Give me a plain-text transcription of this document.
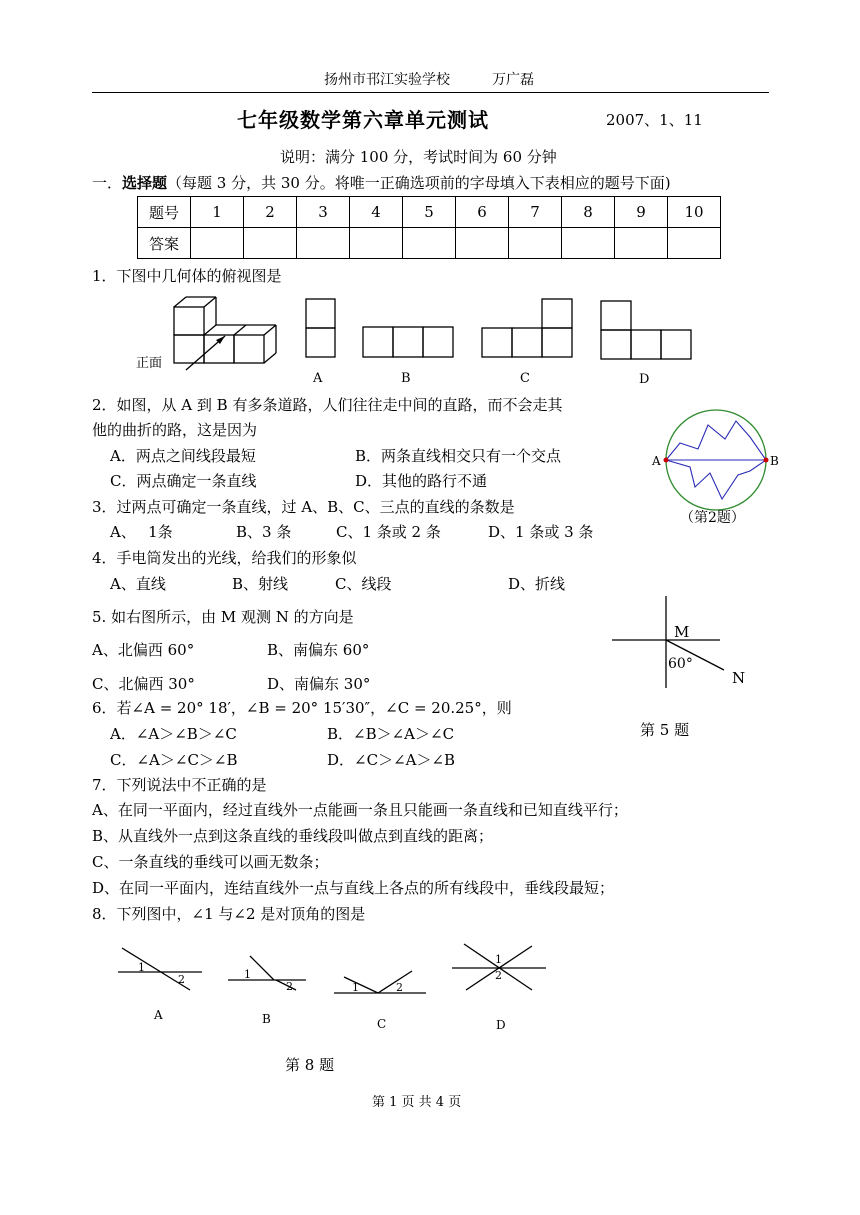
扬州市邗江实验学校　　　万广磊
七年级数学第六章单元测试	2007、1、11
说明：满分 100 分，考试时间为 60 分钟
一．选择题（每题 3 分，共 30 分。将唯一正确选项前的字母填入下表相应的题号下面)
题号	1	2	3	4	5	6	7	8	9	10
答案										
1．下图中几何体的俯视图是
正面
A	B	C	D
2．如图，从 A 到 B 有多条道路，人们往往走中间的直路，而不会走其
他的曲折的路，这是因为
A．两点之间线段最短	B．两条直线相交只有一个交点
C．两点确定一条直线	D．其他的路行不通
A	B
（第2题）
3．过两点可确定一条直线，过 A、B、C、三点的直线的条数是
A、　 1条	B、3 条	C、1 条或 2 条	D、1 条或 3 条
4．手电筒发出的光线，给我们的形象似
A、直线	B、射线	C、线段	D、折线
5. 如右图所示，由 M 观测 N 的方向是
A、北偏西 60°	B、南偏东 60°
C、北偏西 30°	D、南偏东 30°
M
N
60°
6．若∠A = 20° 18′，∠B = 20° 15′30″，∠C = 20.25°，则
A．∠A＞∠B＞∠C	B．∠B＞∠A＞∠C
C．∠A＞∠C＞∠B	D．∠C＞∠A＞∠B
第 5 题
7．下列说法中不正确的是
A、在同一平面内，经过直线外一点能画一条且只能画一条直线和已知直线平行；
B、从直线外一点到这条直线的垂线段叫做点到直线的距离；
C、一条直线的垂线可以画无数条；
D、在同一平面内，连结直线外一点与直线上各点的所有线段中，垂线段最短；
8．下列图中，∠1 与∠2 是对顶角的图是
1
2
A
1
2
B
1	2
C
1
2
D
第 8 题
第 1 页 共 4 页
